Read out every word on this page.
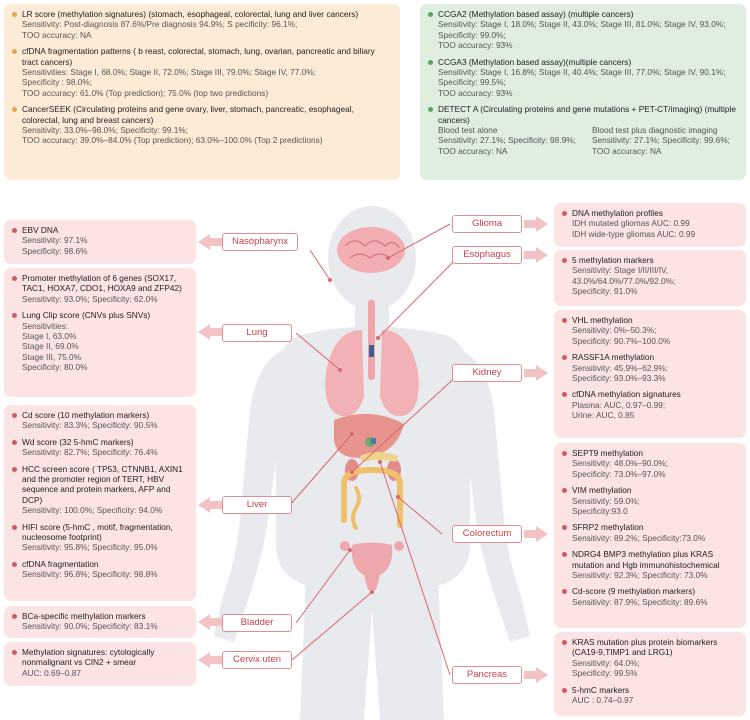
LR score (methylation signatures) (stomach, esophageal, colorectal, lung and liver cancers)
Sensitivity: Post-diagnosis 87.6%/Pre diagnosis 94.9%; S pecificity: 96.1%;
TOO accuracy: NA
cfDNA fragmentation patterns ( b reast, colorectal, stomach, lung, ovarian, pancreatic and biliary tract cancers)
Sensitivities: Stage I, 68.0%; Stage II, 72.0%; Stage III, 79.0%; Stage IV, 77.0%;
Specificity : 98.0%;
TOO accuracy: 61.0% (Top prediction); 75.0% (top two predictions)
CancerSEEK (Circulating proteins and gene ovary, liver, stomach, pancreatic, esophageal, colorectal, lung and breast cancers)
Sensitivity: 33.0%–98.0%; Specificity: 99.1%;
TOO accuracy: 39.0%–84.0% (Top prediction); 63.0%–100.0% (Top 2 predictions)
CCGA2 (Methylation based assay) (multiple cancers)
Sensitivity: Stage I, 18.0%; Stage II, 43.0%; Stage III, 81.0%; Stage IV, 93.0%;
Specificity: 99.0%;
TOO accuracy: 93%
CCGA3 (Methylation based assay)(multiple cancers)
Sensitivity: Stage I, 16.8%; Stage II, 40.4%; Stage III, 77.0%; Stage IV, 90.1%;
Specificity: 99.5%;
TOO accuracy: 93%
DETECT A (Circulating proteins and gene mutations + PET-CT/imaging) (multiple cancers)
Blood test alone
Sensitivity: 27.1%; Specificity: 98.9%;
TOO accuracy: NA
Blood test plus diagnostic imaging
Sensitivity: 27.1%; Specificity: 99.6%;
TOO accuracy: NA
EBV DNA
Sensitivity: 97.1%
Specificity: 98.6%
Promoter methylation of 6 genes (SOX17, TAC1, HOXA7, CDO1, HOXA9 and ZFP42)
Sensitivity: 93.0%; Specificity: 62.0%
Lung Clip score (CNVs plus SNVs)
Sensitivities:
Stage I, 63.0%
Stage II, 69.0%
Stage III, 75.0%
Specificity: 80.0%
Cd score (10 methylation markers)
Sensitivity: 83.3%; Specificity: 90.5%
Wd score (32 5-hmC markers)
Sensitivity: 82.7%; Specificity: 76.4%
HCC screen score ( TP53, CTNNB1, AXIN1 and the promoter region of TERT, HBV sequence and protein markers, AFP and DCP)
Sensitivity: 100.0%; Specificity: 94.0%
HIFI score (5-hmC , motif, fragmentation, nucleosome footprint)
Sensitivity: 95.8%; Specificity: 95.0%
cfDNA fragmentation
Sensitivity: 96.8%; Specificity: 98.8%
BCa-specific methylation markers
Sensitivity: 90.0%; Specificity: 83.1%
Methylation signatures: cytologically nonmalignant vs CIN2 + smear
AUC: 0.69–0.87
DNA methylation profiles
IDH mutated gliomas AUC: 0.99
IDH wide-type gliomas AUC: 0.99
5 methylation markers
Sensitivity: Stage I/II/III/IV,
43.0%/64.0%/77.0%/92.0%;
Specificity: 91.0%
VHL methylation
Sensitivity: 0%–50.3%;
Specificity: 90.7%–100.0%
RASSF1A methylation
Sensitivity: 45.9%–62.9%;
Specificity: 93.0%–93.3%
cfDNA methylation signatures
Plasma: AUC, 0.97–0.99;
Urine: AUC, 0.85
SEPT9 methylation
Sensitivity: 48.0%–90.0%;
Specificity: 73.0%–97.0%
VIM methylation
Sensitivity: 59.0%;
Specificity:93.0
SFRP2 methylation
Sensitivity: 89.2%; Specificity:73.0%
NDRG4 BMP3 methylation plus KRAS mutation and Hgb immunohistochemical
Sensitivity: 92.3%; Specificity: 73.0%
Cd-score (9 methylation markers)
Sensitivity: 87.9%; Specificity: 89.6%
KRAS mutation plus protein biomarkers (CA19-9,TIMP1 and LRG1)
Sensitivity: 64.0%;
Specificity: 99.5%
5-hmC markers
AUC : 0.74–0.97
Nasopharynx
Lung
Liver
Bladder
Cervix uteri
Glioma
Esophagus
Kidney
Colorectum
Pancreas
